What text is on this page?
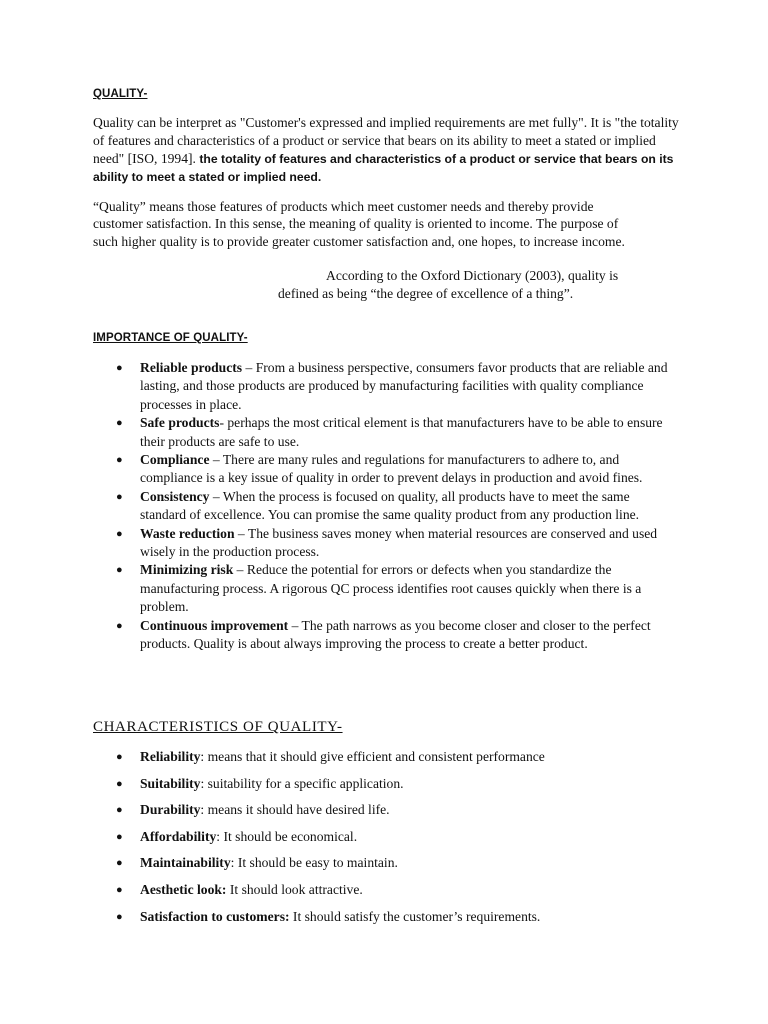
QUALITY-

Quality can be interpret as "Customer's expressed and implied requirements are met fully". It is "the totality of features and characteristics of a product or service that bears on its ability to meet a stated or implied need" [ISO, 1994]. the totality of features and characteristics of a product or service that bears on its ability to meet a stated or implied need.

“Quality” means those features of products which meet customer needs and thereby provide customer satisfaction. In this sense, the meaning of quality is oriented to income. The purpose of such higher quality is to provide greater customer satisfaction and, one hopes, to increase income.

According to the Oxford Dictionary (2003), quality is
defined as being “the degree of excellence of a thing”.
IMPORTANCE OF QUALITY-
● Reliable products – From a business perspective, consumers favor products that are reliable and lasting, and those products are produced by manufacturing facilities with quality compliance processes in place.
● Safe products- perhaps the most critical element is that manufacturers have to be able to ensure their products are safe to use.
● Compliance – There are many rules and regulations for manufacturers to adhere to, and compliance is a key issue of quality in order to prevent delays in production and avoid fines.
● Consistency – When the process is focused on quality, all products have to meet the same standard of excellence. You can promise the same quality product from any production line.
● Waste reduction – The business saves money when material resources are conserved and used wisely in the production process.
● Minimizing risk – Reduce the potential for errors or defects when you standardize the manufacturing process. A rigorous QC process identifies root causes quickly when there is a problem.
● Continuous improvement – The path narrows as you become closer and closer to the perfect products. Quality is about always improving the process to create a better product.
CHARACTERISTICS OF QUALITY-
● Reliability: means that it should give efficient and consistent performance
● Suitability: suitability for a specific application.
● Durability: means it should have desired life.
● Affordability: It should be economical.
● Maintainability: It should be easy to maintain.
● Aesthetic look: It should look attractive.
● Satisfaction to customers: It should satisfy the customer’s requirements.
